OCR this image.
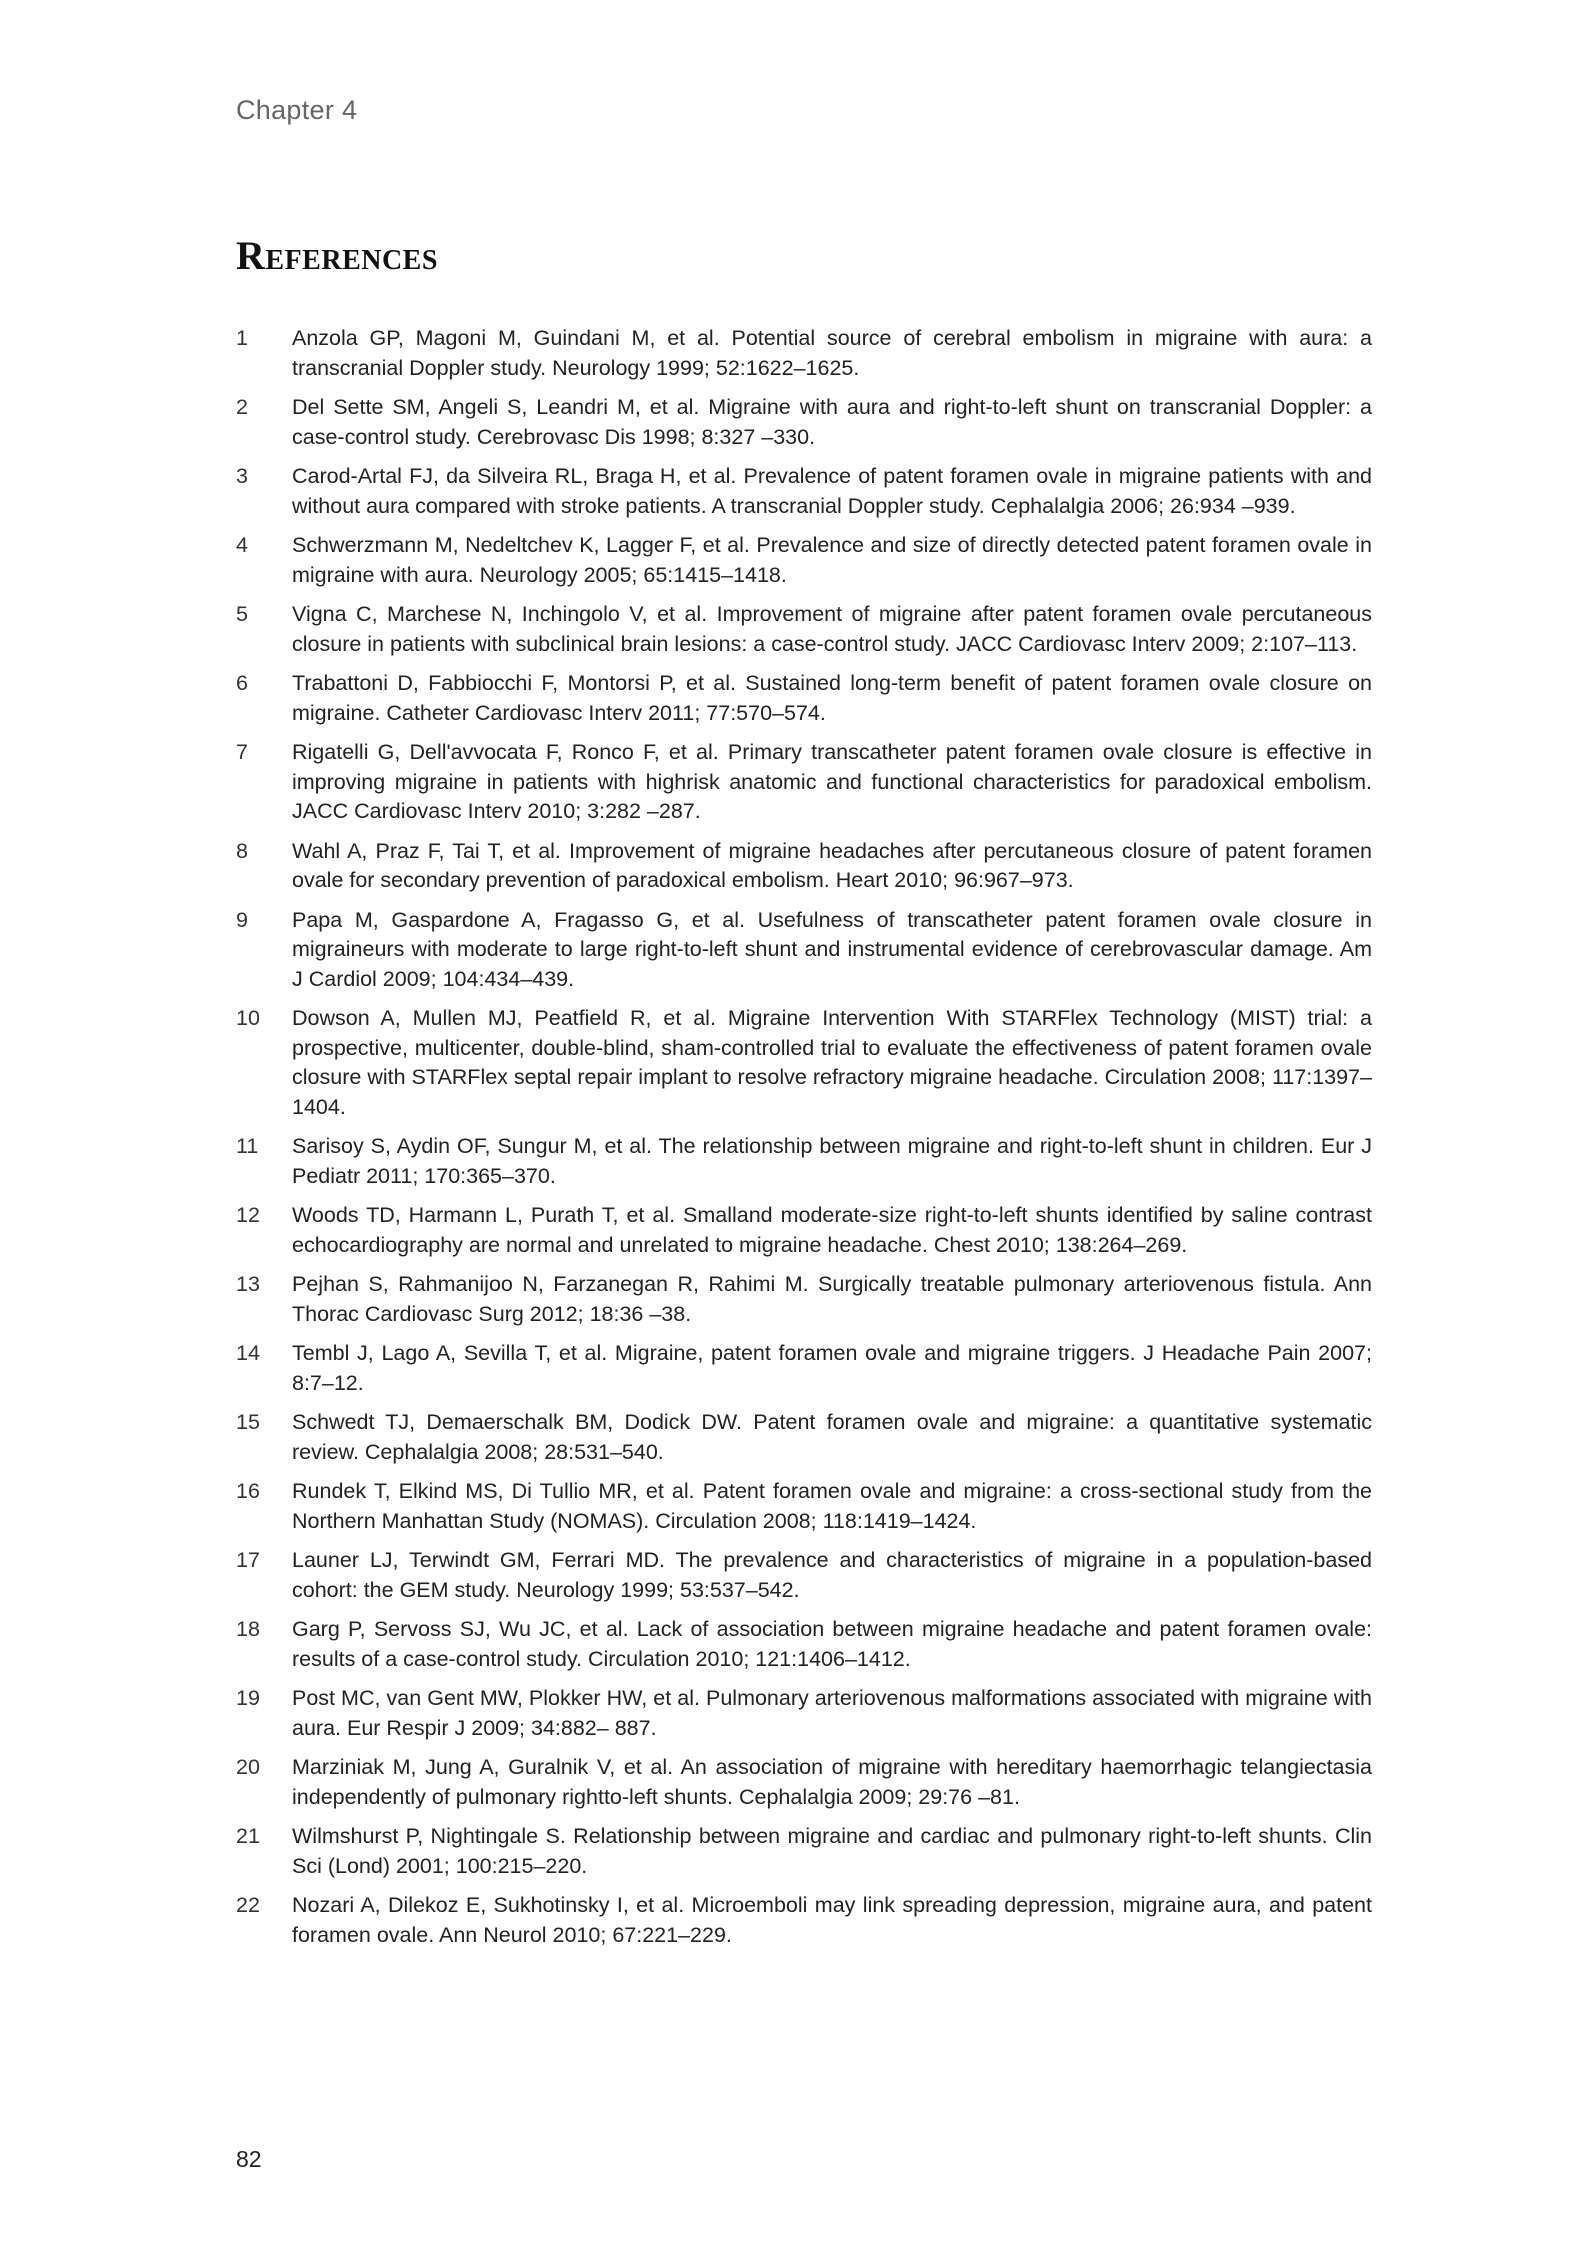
Chapter 4
References
1	Anzola GP, Magoni M, Guindani M, et al. Potential source of cerebral embolism in migraine with aura: a transcranial Doppler study. Neurology 1999; 52:1622–1625.
2	Del Sette SM, Angeli S, Leandri M, et al. Migraine with aura and right-to-left shunt on transcranial Doppler: a case-control study. Cerebrovasc Dis 1998; 8:327 –330.
3	Carod-Artal FJ, da Silveira RL, Braga H, et al. Prevalence of patent foramen ovale in migraine patients with and without aura compared with stroke patients. A transcranial Doppler study. Cephalalgia 2006; 26:934 –939.
4	Schwerzmann M, Nedeltchev K, Lagger F, et al. Prevalence and size of directly detected patent foramen ovale in migraine with aura. Neurology 2005; 65:1415–1418.
5	Vigna C, Marchese N, Inchingolo V, et al. Improvement of migraine after patent foramen ovale percutaneous closure in patients with subclinical brain lesions: a case-control study. JACC Cardiovasc Interv 2009; 2:107–113.
6	Trabattoni D, Fabbiocchi F, Montorsi P, et al. Sustained long-term benefit of patent foramen ovale closure on migraine. Catheter Cardiovasc Interv 2011; 77:570–574.
7	Rigatelli G, Dell'avvocata F, Ronco F, et al. Primary transcatheter patent foramen ovale closure is effective in improving migraine in patients with highrisk anatomic and functional characteristics for paradoxical embolism. JACC Cardiovasc Interv 2010; 3:282 –287.
8	Wahl A, Praz F, Tai T, et al. Improvement of migraine headaches after percutaneous closure of patent foramen ovale for secondary prevention of paradoxical embolism. Heart 2010; 96:967–973.
9	Papa M, Gaspardone A, Fragasso G, et al. Usefulness of transcatheter patent foramen ovale closure in migraineurs with moderate to large right-to-left shunt and instrumental evidence of cerebrovascular damage. Am J Cardiol 2009; 104:434–439.
10	Dowson A, Mullen MJ, Peatfield R, et al. Migraine Intervention With STARFlex Technology (MIST) trial: a prospective, multicenter, double-blind, sham-controlled trial to evaluate the effectiveness of patent foramen ovale closure with STARFlex septal repair implant to resolve refractory migraine headache. Circulation 2008; 117:1397–1404.
11	Sarisoy S, Aydin OF, Sungur M, et al. The relationship between migraine and right-to-left shunt in children. Eur J Pediatr 2011; 170:365–370.
12	Woods TD, Harmann L, Purath T, et al. Smalland moderate-size right-to-left shunts identified by saline contrast echocardiography are normal and unrelated to migraine headache. Chest 2010; 138:264–269.
13	Pejhan S, Rahmanijoo N, Farzanegan R, Rahimi M. Surgically treatable pulmonary arteriovenous fistula. Ann Thorac Cardiovasc Surg 2012; 18:36 –38.
14	Tembl J, Lago A, Sevilla T, et al. Migraine, patent foramen ovale and migraine triggers. J Headache Pain 2007; 8:7–12.
15	Schwedt TJ, Demaerschalk BM, Dodick DW. Patent foramen ovale and migraine: a quantitative systematic review. Cephalalgia 2008; 28:531–540.
16	Rundek T, Elkind MS, Di Tullio MR, et al. Patent foramen ovale and migraine: a cross-sectional study from the Northern Manhattan Study (NOMAS). Circulation 2008; 118:1419–1424.
17	Launer LJ, Terwindt GM, Ferrari MD. The prevalence and characteristics of migraine in a population-based cohort: the GEM study. Neurology 1999; 53:537–542.
18	Garg P, Servoss SJ, Wu JC, et al. Lack of association between migraine headache and patent foramen ovale: results of a case-control study. Circulation 2010; 121:1406–1412.
19	Post MC, van Gent MW, Plokker HW, et al. Pulmonary arteriovenous malformations associated with migraine with aura. Eur Respir J 2009; 34:882– 887.
20	Marziniak M, Jung A, Guralnik V, et al. An association of migraine with hereditary haemorrhagic telangiectasia independently of pulmonary rightto-left shunts. Cephalalgia 2009; 29:76 –81.
21	Wilmshurst P, Nightingale S. Relationship between migraine and cardiac and pulmonary right-to-left shunts. Clin Sci (Lond) 2001; 100:215–220.
22	Nozari A, Dilekoz E, Sukhotinsky I, et al. Microemboli may link spreading depression, migraine aura, and patent foramen ovale. Ann Neurol 2010; 67:221–229.
82
